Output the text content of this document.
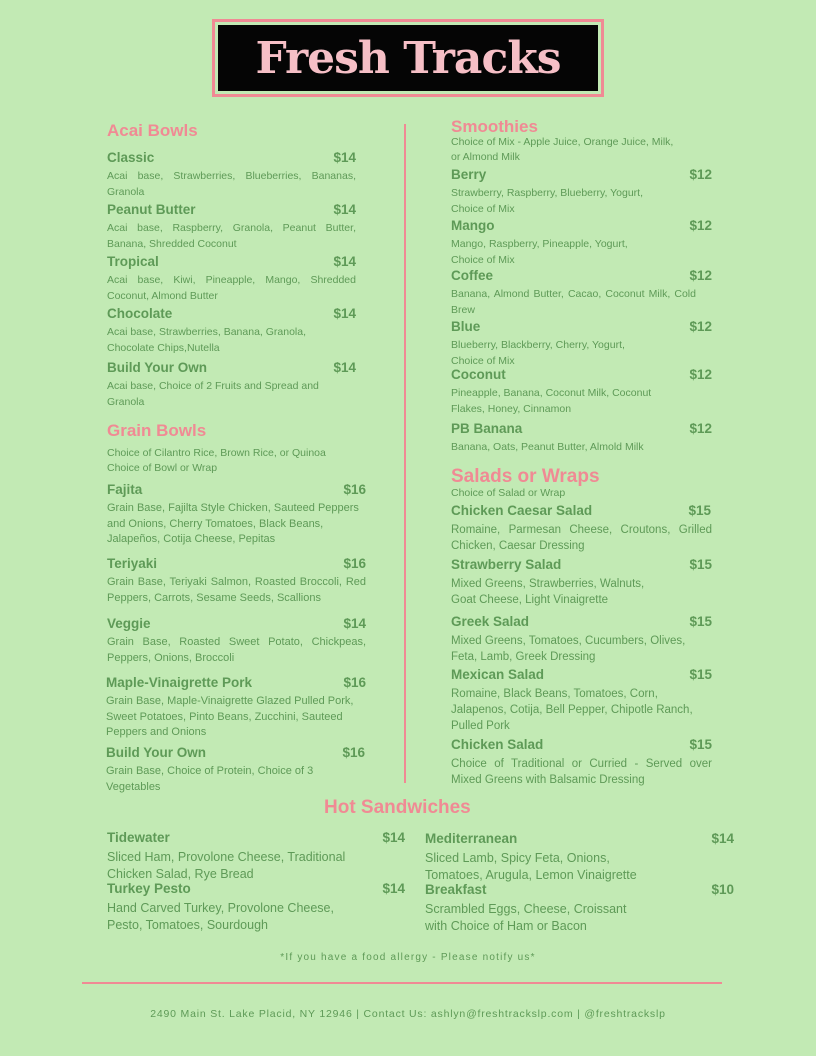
Fresh Tracks
Acai Bowls
Classic	$14
Acai base, Strawberries, Blueberries, Bananas, Granola
Peanut Butter	$14
Acai base, Raspberry, Granola, Peanut Butter, Banana, Shredded Coconut
Tropical	$14
Acai base, Kiwi, Pineapple, Mango, Shredded Coconut, Almond Butter
Chocolate	$14
Acai base, Strawberries, Banana, Granola, Chocolate Chips,Nutella
Build Your Own	$14
Acai base, Choice of 2 Fruits and Spread and Granola
Grain Bowls
Choice of Cilantro Rice, Brown Rice, or Quinoa
Choice of Bowl or Wrap
Fajita	$16
Grain Base, Fajilta Style Chicken, Sauteed Peppers and Onions, Cherry Tomatoes, Black Beans, Jalapeños, Cotija Cheese, Pepitas
Teriyaki	$16
Grain Base, Teriyaki Salmon, Roasted Broccoli, Red Peppers, Carrots, Sesame Seeds, Scallions
Veggie	$14
Grain Base, Roasted Sweet Potato, Chickpeas, Peppers, Onions, Broccoli
Maple-Vinaigrette Pork	$16
Grain Base, Maple-Vinaigrette Glazed Pulled Pork, Sweet Potatoes, Pinto Beans, Zucchini, Sauteed Peppers and Onions
Build Your Own	$16
Grain Base, Choice of Protein, Choice of 3 Vegetables
Smoothies
Choice of Mix - Apple Juice, Orange Juice, Milk, or Almond Milk
Berry	$12
Strawberry, Raspberry, Blueberry, Yogurt, Choice of Mix
Mango	$12
Mango, Raspberry, Pineapple, Yogurt, Choice of Mix
Coffee	$12
Banana, Almond Butter, Cacao, Coconut Milk, Cold Brew
Blue	$12
Blueberry, Blackberry, Cherry, Yogurt, Choice of Mix
Coconut	$12
Pineapple, Banana, Coconut Milk, Coconut Flakes, Honey, Cinnamon
PB Banana	$12
Banana, Oats, Peanut Butter, Almold Milk
Salads or Wraps
Choice of Salad or Wrap
Chicken Caesar Salad	$15
Romaine, Parmesan Cheese, Croutons, Grilled Chicken, Caesar Dressing
Strawberry Salad	$15
Mixed Greens, Strawberries, Walnuts, Goat Cheese, Light Vinaigrette
Greek Salad	$15
Mixed Greens, Tomatoes, Cucumbers, Olives, Feta, Lamb, Greek Dressing
Mexican Salad	$15
Romaine, Black Beans, Tomatoes, Corn, Jalapenos, Cotija, Bell Pepper, Chipotle Ranch, Pulled Pork
Chicken Salad	$15
Choice of Traditional or Curried - Served over Mixed Greens with Balsamic Dressing
Hot Sandwiches
Tidewater	$14
Sliced Ham, Provolone Cheese, Traditional Chicken Salad, Rye Bread
Turkey Pesto	$14
Hand Carved Turkey, Provolone Cheese, Pesto, Tomatoes, Sourdough
Mediterranean	$14
Sliced Lamb, Spicy Feta, Onions, Tomatoes, Arugula, Lemon Vinaigrette
Breakfast	$10
Scrambled Eggs, Cheese, Croissant with Choice of Ham or Bacon
*If you have a food allergy - Please notify us*
2490 Main St. Lake Placid, NY 12946 | Contact Us: ashlyn@freshtrackslp.com | @freshtrackslp
